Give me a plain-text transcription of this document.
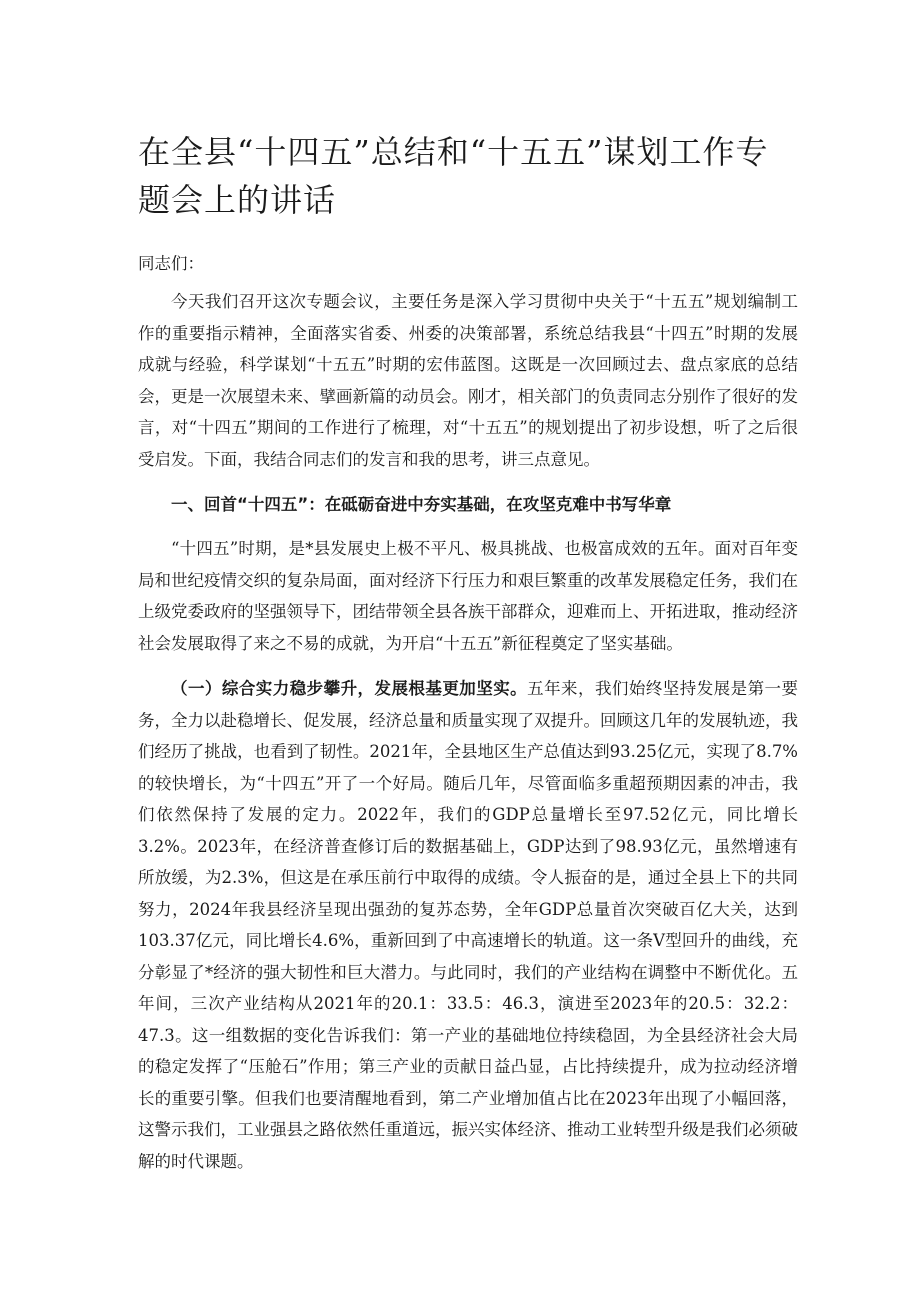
在全县“十四五”总结和“十五五”谋划工作专题会上的讲话

同志们：

今天我们召开这次专题会议，主要任务是深入学习贯彻中央关于“十五五”规划编制工作的重要指示精神，全面落实省委、州委的决策部署，系统总结我县“十四五”时期的发展成就与经验，科学谋划“十五五”时期的宏伟蓝图。这既是一次回顾过去、盘点家底的总结会，更是一次展望未来、擘画新篇的动员会。刚才，相关部门的负责同志分别作了很好的发言，对“十四五”期间的工作进行了梳理，对“十五五”的规划提出了初步设想，听了之后很受启发。下面，我结合同志们的发言和我的思考，讲三点意见。

一、回首“十四五”：在砥砺奋进中夯实基础，在攻坚克难中书写华章

“十四五”时期，是*县发展史上极不平凡、极具挑战、也极富成效的五年。面对百年变局和世纪疫情交织的复杂局面，面对经济下行压力和艰巨繁重的改革发展稳定任务，我们在上级党委政府的坚强领导下，团结带领全县各族干部群众，迎难而上、开拓进取，推动经济社会发展取得了来之不易的成就，为开启“十五五”新征程奠定了坚实基础。

（一）综合实力稳步攀升，发展根基更加坚实。五年来，我们始终坚持发展是第一要务，全力以赴稳增长、促发展，经济总量和质量实现了双提升。回顾这几年的发展轨迹，我们经历了挑战，也看到了韧性。2021年，全县地区生产总值达到93.25亿元，实现了8.7%的较快增长，为“十四五”开了一个好局。随后几年，尽管面临多重超预期因素的冲击，我们依然保持了发展的定力。2022年，我们的GDP总量增长至97.52亿元，同比增长3.2%。2023年，在经济普查修订后的数据基础上，GDP达到了98.93亿元，虽然增速有所放缓，为2.3%，但这是在承压前行中取得的成绩。令人振奋的是，通过全县上下的共同努力，2024年我县经济呈现出强劲的复苏态势，全年GDP总量首次突破百亿大关，达到103.37亿元，同比增长4.6%，重新回到了中高速增长的轨道。这一条V型回升的曲线，充分彰显了*经济的强大韧性和巨大潜力。与此同时，我们的产业结构在调整中不断优化。五年间，三次产业结构从2021年的20.1：33.5：46.3，演进至2023年的20.5：32.2：47.3。这一组数据的变化告诉我们：第一产业的基础地位持续稳固，为全县经济社会大局的稳定发挥了“压舱石”作用；第三产业的贡献日益凸显，占比持续提升，成为拉动经济增长的重要引擎。但我们也要清醒地看到，第二产业增加值占比在2023年出现了小幅回落，这警示我们，工业强县之路依然任重道远，振兴实体经济、推动工业转型升级是我们必须破解的时代课题。
